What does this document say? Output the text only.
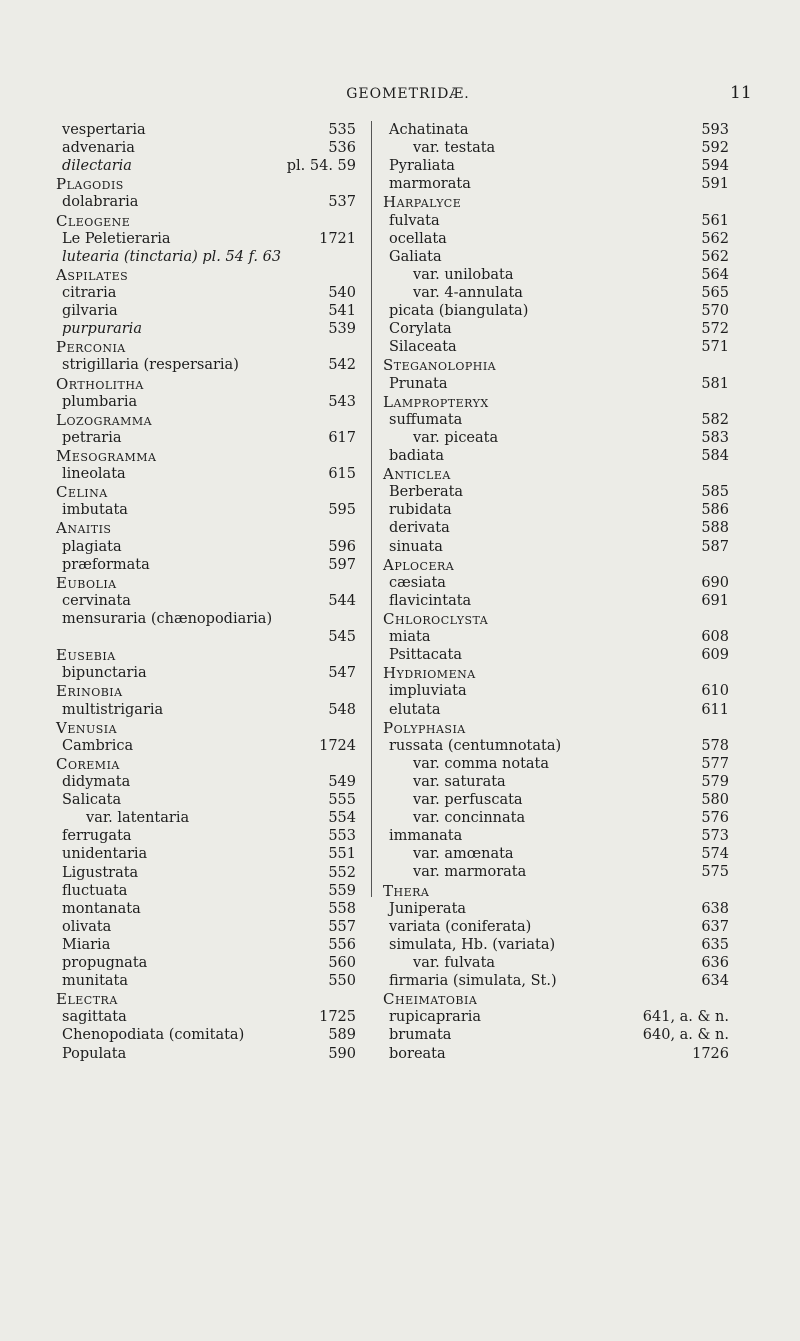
GEOMETRIDÆ.	11
vespertaria	535
advenaria	536
dilectaria	pl. 54. 59
Plagodis
dolabraria	537
Cleogene
Le Peletieraria	1721
lutearia (tinctaria) pl. 54 f. 63
Aspilates
citraria	540
gilvaria	541
purpuraria	539
Perconia
strigillaria (respersaria)	542
Ortholitha
plumbaria	543
Lozogramma
petraria	617
Mesogramma
lineolata	615
Celina
imbutata	595
Anaitis
plagiata	596
præformata	597
Eubolia
cervinata	544
mensuraria (chænopodiaria)
545
Eusebia
bipunctaria	547
Erinobia
multistrigaria	548
Venusia
Cambrica	1724
Coremia
didymata	549
Salicata	555
var. latentaria	554
ferrugata	553
unidentaria	551
Ligustrata	552
fluctuata	559
montanata	558
olivata	557
Miaria	556
propugnata	560
munitata	550
Electra
sagittata	1725
Chenopodiata (comitata)	589
Populata	590
Achatinata	593
var. testata	592
Pyraliata	594
marmorata	591
Harpalyce
fulvata	561
ocellata	562
Galiata	562
var. unilobata	564
var. 4-annulata	565
picata (biangulata)	570
Corylata	572
Silaceata	571
Steganolophia
Prunata	581
Lampropteryx
suffumata	582
var. piceata	583
badiata	584
Anticlea
Berberata	585
rubidata	586
derivata	588
sinuata	587
Aplocera
cæsiata	690
flavicintata	691
Chloroclysta
miata	608
Psittacata	609
Hydriomena
impluviata	610
elutata	611
Polyphasia
russata (centumnotata)	578
var. comma notata	577
var. saturata	579
var. perfuscata	580
var. concinnata	576
immanata	573
var. amœnata	574
var. marmorata	575
Thera
Juniperata	638
variata (coniferata)	637
simulata, Hb. (variata)	635
var. fulvata	636
firmaria (simulata, St.)	634
Cheimatobia
rupicapraria	641, a. & n.
brumata	640, a. & n.
boreata	1726
